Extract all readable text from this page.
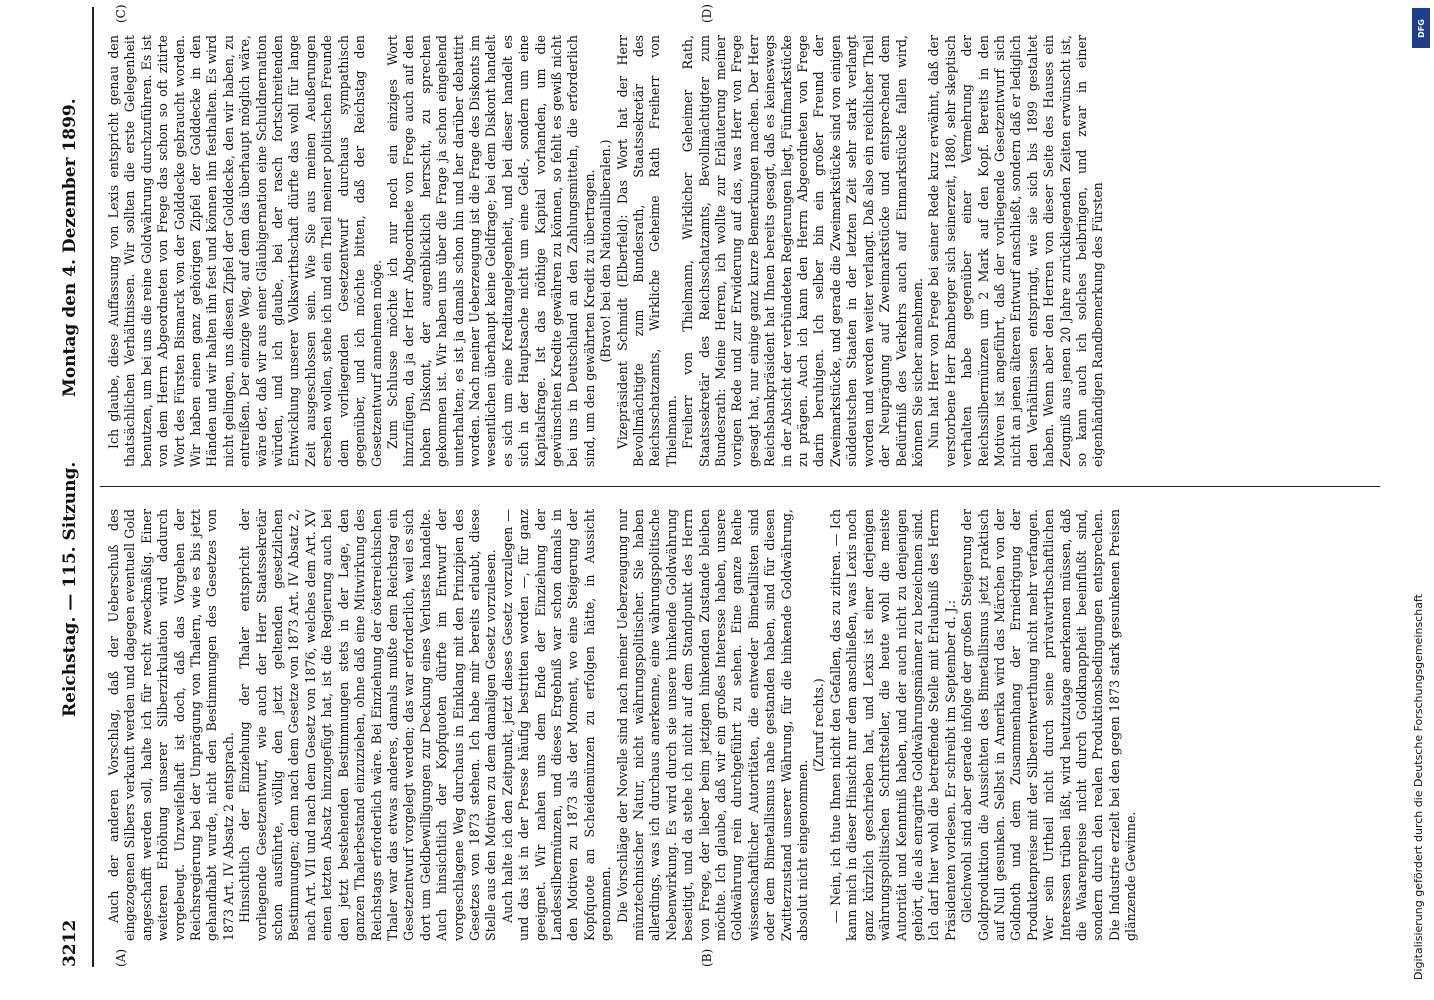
3212
Reichstag. — 115. Sitzung.
Montag den 4. Dezember 1899.
(A)	(B)
(C)	(D)

Auch der anderen Vorschlag, daß der Ueberschuß des eingezogenen Silbers verkauft werden und dagegen eventuell Gold angeschafft werden soll, halte ich für recht zweckmäßig. Einer weiteren Erhöhung unserer Silberzirkulation wird dadurch vorgebeugt. Unzweifelhaft ist doch, daß das Vorgehen der Reichsregierung bei der Umprägung von Thalern, wie es bis jetzt gehandhabt wurde, nicht den Bestimmungen des Gesetzes von 1873 Art. IV Absatz 2 entsprach. Hinsichtlich der Einziehung der Thaler entspricht der vorliegende Gesetzentwurf, wie auch der Herr Staatssekretär schon ausführte, völlig den jetzt geltenden gesetzlichen Bestimmungen; denn nach dem Gesetze von 1873 Art. IV Absatz 2, nach Art. VII und nach dem Gesetz von 1876, welches dem Art. XV einen letzten Absatz hinzugefügt hat, ist die Regierung auch bei den jetzt bestehenden Bestimmungen stets in der Lage, den ganzen Thalerbestand einzuziehen, ohne daß eine Mitwirkung des Reichstags erforderlich wäre. Bei Einziehung der österreichischen Thaler war das etwas anderes, damals mußte dem Reichstag ein Gesetzentwurf vorgelegt werden; das war erforderlich, weil es sich dort um Geldbewilligungen zur Deckung eines Verlustes handelte. Auch hinsichtlich der Kopfquoten dürfte im Entwurf der vorgeschlagene Weg durchaus in Einklang mit den Prinzipien des Gesetzes von 1873 stehen. Ich habe mir bereits erlaubt, diese Stelle aus den Motiven zu dem damaligen Gesetz vorzulesen. Auch halte ich den Zeitpunkt, jetzt dieses Gesetz vorzulegen — und das ist in der Presse häufig bestritten worden —, für ganz geeignet. Wir nahen uns dem Ende der Einziehung der Landessilbermünzen, und dieses Ergebniß war schon damals in den Motiven zu 1873 als der Moment, wo eine Steigerung der Kopfquote an Scheidemünzen zu erfolgen hätte, in Aussicht genommen. Die Vorschläge der Novelle sind nach meiner Ueberzeugung nur münztechnischer Natur, nicht währungspolitischer. Sie haben allerdings, was ich durchaus anerkenne, eine währungspolitische Nebenwirkung. Es wird durch sie unsere hinkende Goldwährung beseitigt, und da stehe ich nicht auf dem Standpunkt des Herrn von Frege, der lieber beim jetzigen hinkenden Zustande bleiben möchte. Ich glaube, daß wir ein großes Interesse haben, unsere Goldwährung rein durchgeführt zu sehen. Eine ganze Reihe wissenschaftlicher Autoritäten, die entweder Bimetallisten sind oder dem Bimetallismus nahe gestanden haben, sind für diesen Zwitterzustand unserer Währung, für die hinkende Goldwährung, absolut nicht eingenommen.

(Zuruf rechts.) — Nein, ich thue Ihnen nicht den Gefallen, das zu zitiren. — Ich kann mich in dieser Hinsicht nur dem anschließen, was Lexis noch ganz kürzlich geschrieben hat, und Lexis ist einer derjenigen währungspolitischen Schriftsteller, die heute wohl die meiste Autorität und Kenntniß haben, und der auch nicht zu denjenigen gehört, die als enragirte Goldwährungsmänner zu bezeichnen sind. Ich darf hier wohl die betreffende Stelle mit Erlaubniß des Herrn Präsidenten vorlesen. Er schreibt im September d. J.: Gleichwohl sind aber gerade infolge der großen Steigerung der Goldproduktion die Aussichten des Bimetallismus jetzt praktisch auf Null gesunken. Selbst in Amerika wird das Märchen von der Goldnoth und dem Zusammenhang der Erniedrigung der Produktenpreise mit der Silberentwerthung nicht mehr verfangen. Wer sein Urtheil nicht durch seine privatwirthschaftlichen Interessen trüben läßt, wird heutzutage anerkennen müssen, daß die Waarenpreise nicht durch Goldknappheit beeinflußt sind, sondern durch den realen Produktionsbedingungen entsprechen. Die Industrie erzielt bei den gegen 1873 stark gesunkenen Preisen glänzende Gewinne.

Ich glaube, diese Auffassung von Lexis entspricht genau den thatsächlichen Verhältnissen. Wir sollten die erste Gelegenheit benutzen, um bei uns die reine Goldwährung durchzuführen. Es ist von dem Herrn Abgeordneten von Frege das schon so oft zitirte Wort des Fürsten Bismarck von der Golddecke gebraucht worden. Wir haben einen ganz gehörigen Zipfel der Golddecke in den Händen und wir halten ihn fest und können ihn festhalten. Es wird nicht gelingen, uns diesen Zipfel der Golddecke, den wir haben, zu entreißen. Der einzige Weg, auf dem das überhaupt möglich wäre, wäre der, daß wir aus einer Gläubigernation eine Schuldnernation würden, und ich glaube, bei der rasch fortschreitenden Entwicklung unserer Volkswirthschaft dürfte das wohl für lange Zeit ausgeschlossen sein. Wie Sie aus meinen Aeußerungen ersehen wollen, stehe ich und ein Theil meiner politischen Freunde dem vorliegenden Gesetzentwurf durchaus sympathisch gegenüber, und ich möchte bitten, daß der Reichstag den Gesetzentwurf annehmen möge. Zum Schlusse möchte ich nur noch ein einziges Wort hinzufügen, da ja der Herr Abgeordnete von Frege auch auf den hohen Diskont, der augenblicklich herrscht, zu sprechen gekommen ist. Wir haben uns über die Frage ja schon eingehend unterhalten; es ist ja damals schon hin und her darüber debattirt worden. Nach meiner Ueberzeugung ist die Frage des Diskonts im wesentlichen überhaupt keine Geldfrage; bei dem Diskont handelt es sich um eine Kreditangelegenheit, und bei dieser handelt es sich in der Hauptsache nicht um eine Geld-, sondern um eine Kapitalsfrage. Ist das nöthige Kapital vorhanden, um die gewünschten Kredite gewähren zu können, so fehlt es gewiß nicht bei uns in Deutschland an den Zahlungsmitteln, die erforderlich sind, um den gewährten Kredit zu übertragen. (Bravo! bei den Nationalliberalen.) Vizepräsident Schmidt (Elberfeld): Das Wort hat der Herr Bevollmächtigte zum Bundesrath, Staatssekretär des Reichsschatzamts, Wirkliche Geheime Rath Freiherr von Thielmann. Freiherr von Thielmann, Wirklicher Geheimer Rath, Staatssekretär des Reichsschatzamts, Bevollmächtigter zum Bundesrath: Meine Herren, ich wollte zur Erläuterung meiner vorigen Rede und zur Erwiderung auf das, was Herr von Frege gesagt hat, nur einige ganz kurze Bemerkungen machen. Der Herr Reichsbankpräsident hat Ihnen bereits gesagt, daß es keineswegs in der Absicht der verbündeten Regierungen liegt, Fünfmarkstücke zu prägen. Auch ich kann den Herrn Abgeordneten von Frege darin beruhigen. Ich selber bin ein großer Freund der Zweimarkstücke, und gerade die Zweimarkstücke sind von einigen süddeutschen Staaten in der letzten Zeit sehr stark verlangt worden und werden weiter verlangt. Daß also ein reichlicher Theil der Neuprägung auf Zweimarkstücke und entsprechend dem Bedürfniß des Verkehrs auch auf Einmarkstücke fallen wird, können Sie sicher annehmen. Nun hat Herr von Frege bei seiner Rede kurz erwähnt, daß der verstorbene Herr Bamberger sich seinerzeit, 1880, sehr skeptisch verhalten habe gegenüber einer Vermehrung der Reichssilbermünzen um 2 Mark auf den Kopf. Bereits in den Motiven ist angeführt, daß der vorliegende Gesetzentwurf sich nicht an jenen älteren Entwurf anschließt, sondern daß er lediglich den Verhältnissen entspringt, wie sie sich bis 1899 gestaltet haben. Wenn aber den Herren von dieser Seite des Hauses ein Zeugniß aus jenen 20 Jahre zurückliegenden Zeiten erwünscht ist, so kann auch ich solches beibringen, und zwar in einer eigenhändigen Randbemerkung des Fürsten

Digitalisierung gefördert durch die Deutsche Forschungsgemeinschaft
DFG
